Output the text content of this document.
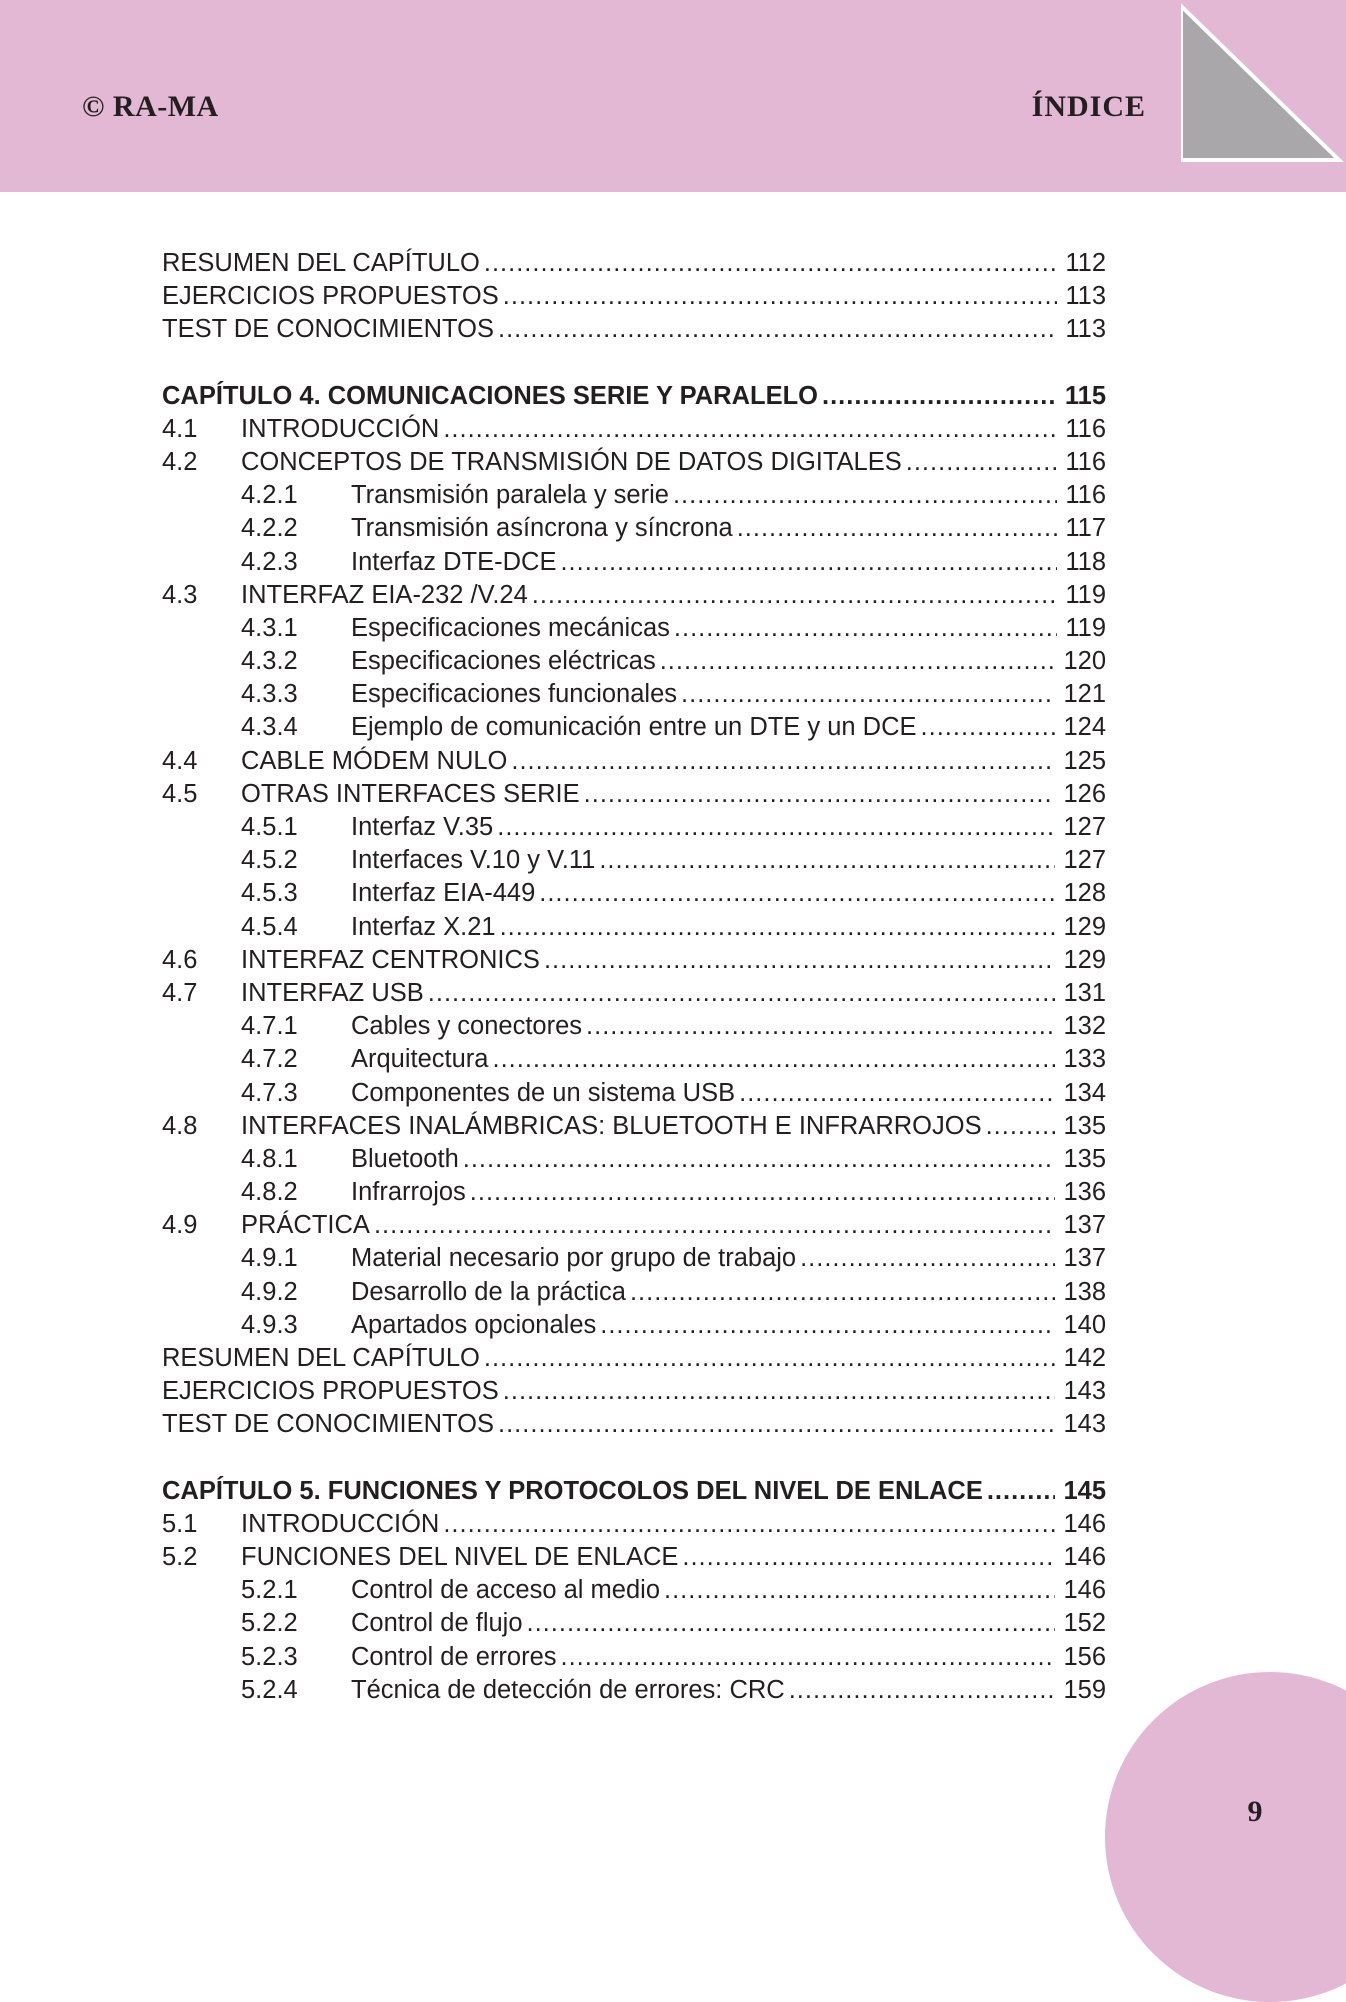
© RA-MA	ÍNDICE
RESUMEN DEL CAPÍTULO .....	112
EJERCICIOS PROPUESTOS .....	113
TEST DE CONOCIMIENTOS .....	113
CAPÍTULO 4. COMUNICACIONES SERIE Y PARALELO .....	115
4.1 INTRODUCCIÓN .....	116
4.2 CONCEPTOS DE TRANSMISIÓN DE DATOS DIGITALES .....	116
4.2.1 Transmisión paralela y serie .....	116
4.2.2 Transmisión asíncrona y síncrona .....	117
4.2.3 Interfaz DTE-DCE .....	118
4.3 INTERFAZ EIA-232 /V.24 .....	119
4.3.1 Especificaciones mecánicas .....	119
4.3.2 Especificaciones eléctricas .....	120
4.3.3 Especificaciones funcionales .....	121
4.3.4 Ejemplo de comunicación entre un DTE y un DCE .....	124
4.4 CABLE MÓDEM NULO .....	125
4.5 OTRAS INTERFACES SERIE .....	126
4.5.1 Interfaz V.35 .....	127
4.5.2 Interfaces V.10 y V.11 .....	127
4.5.3 Interfaz EIA-449 .....	128
4.5.4 Interfaz X.21 .....	129
4.6 INTERFAZ CENTRONICS .....	129
4.7 INTERFAZ USB .....	131
4.7.1 Cables y conectores .....	132
4.7.2 Arquitectura .....	133
4.7.3 Componentes de un sistema USB .....	134
4.8 INTERFACES INALÁMBRICAS: BLUETOOTH E INFRARROJOS .....	135
4.8.1 Bluetooth .....	135
4.8.2 Infrarrojos .....	136
4.9 PRÁCTICA .....	137
4.9.1 Material necesario por grupo de trabajo .....	137
4.9.2 Desarrollo de la práctica .....	138
4.9.3 Apartados opcionales .....	140
RESUMEN DEL CAPÍTULO .....	142
EJERCICIOS PROPUESTOS .....	143
TEST DE CONOCIMIENTOS .....	143
CAPÍTULO 5. FUNCIONES Y PROTOCOLOS DEL NIVEL DE ENLACE .....	145
5.1 INTRODUCCIÓN .....	146
5.2 FUNCIONES DEL NIVEL DE ENLACE .....	146
5.2.1 Control de acceso al medio .....	146
5.2.2 Control de flujo .....	152
5.2.3 Control de errores .....	156
5.2.4 Técnica de detección de errores: CRC .....	159
9
